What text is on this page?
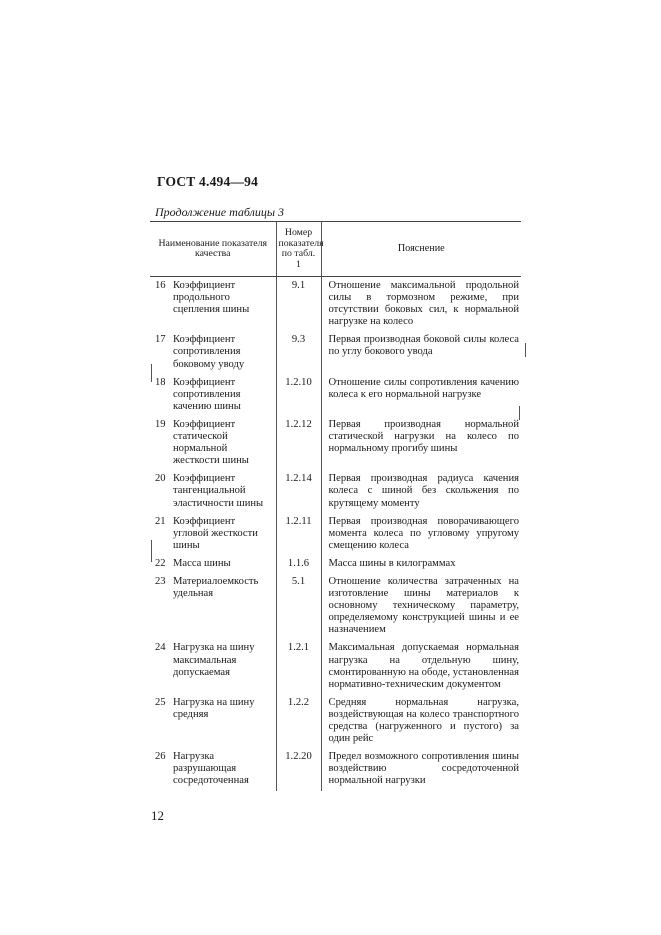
ГОСТ 4.494—94
Продолжение таблицы 3
Наименование показателя качества		Номер показателя по табл. 1	Пояснение
16	Коэффициент продольного сцепления шины	9.1	Отношение максимальной продольной силы в тормозном режиме, при отсутствии боковых сил, к нормальной нагрузке на колесо
17	Коэффициент сопротивления боковому уводу	9.3	Первая производная боковой силы колеса по углу бокового увода
18	Коэффициент сопротивления качению шины	1.2.10	Отношение силы сопротивления качению колеса к его нормальной нагрузке
19	Коэффициент статической нормальной жесткости шины	1.2.12	Первая производная нормальной статической нагрузки на колесо по нормальному прогибу шины
20	Коэффициент тангенциальной эластичности шины	1.2.14	Первая производная радиуса качения колеса с шиной без скольжения по крутящему моменту
21	Коэффициент угловой жесткости шины	1.2.11	Первая производная поворачивающего момента колеса по угловому упругому смещению колеса
22	Масса шины	1.1.6	Масса шины в килограммах
23	Материалоемкость удельная	5.1	Отношение количества затраченных на изготовление шины материалов к основному техническому параметру, определяемому конструкцией шины и ее назначением
24	Нагрузка на шину максимальная допускаемая	1.2.1	Максимальная допускаемая нормальная нагрузка на отдельную шину, смонтированную на ободе, установленная нормативно-техническим документом
25	Нагрузка на шину средняя	1.2.2	Средняя нормальная нагрузка, воздействующая на колесо транспортного средства (нагруженного и пустого) за один рейс
26	Нагрузка разрушающая сосредоточенная	1.2.20	Предел возможного сопротивления шины воздействию сосредоточенной нормальной нагрузки
12
